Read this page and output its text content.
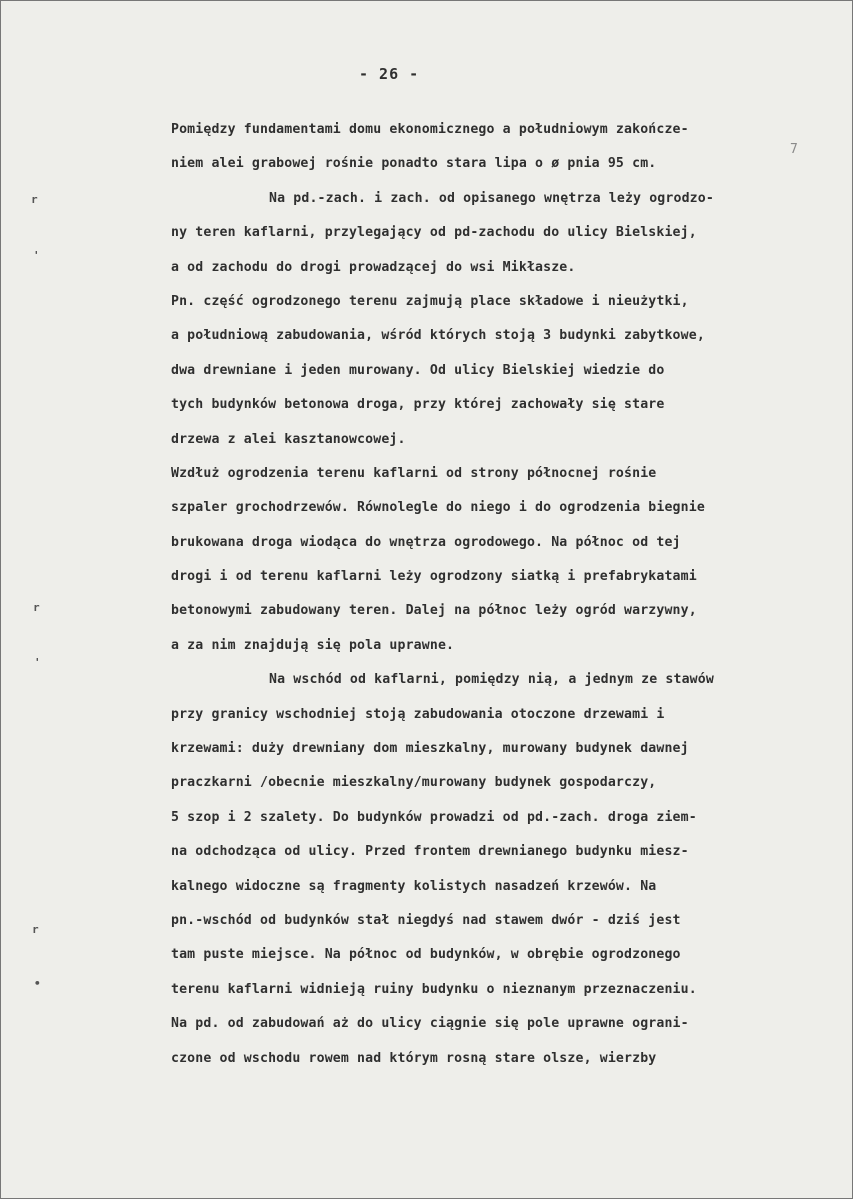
- 26 -
7
r
'
r
'
r
•
Pomiędzy fundamentami domu ekonomicznego a południowym zakończe-
niem alei grabowej rośnie ponadto stara lipa o ø pnia 95 cm.
Na pd.-zach. i zach. od opisanego wnętrza leży ogrodzo-
ny teren kaflarni, przylegający od pd-zachodu do ulicy Bielskiej,
a od zachodu do drogi prowadzącej do wsi Mikłasze.
Pn. część ogrodzonego terenu zajmują place składowe i nieużytki,
a południową zabudowania, wśród których stoją 3 budynki zabytkowe,
dwa drewniane i jeden murowany. Od ulicy Bielskiej wiedzie do
tych budynków betonowa droga, przy której zachowały się stare
drzewa z alei kasztanowcowej.
Wzdłuż ogrodzenia terenu kaflarni od strony północnej rośnie
szpaler grochodrzewów. Równolegle do niego i do ogrodzenia biegnie
brukowana droga wiodąca do wnętrza ogrodowego. Na północ od tej
drogi i od terenu kaflarni leży ogrodzony siatką i prefabrykatami
betonowymi zabudowany teren. Dalej na północ leży ogród warzywny,
a za nim znajdują się pola uprawne.
Na wschód od kaflarni, pomiędzy nią, a jednym ze stawów
przy granicy wschodniej stoją zabudowania otoczone drzewami i
krzewami: duży drewniany dom mieszkalny, murowany budynek dawnej
praczkarni /obecnie mieszkalny/murowany budynek gospodarczy,
5 szop i 2 szalety. Do budynków prowadzi od pd.-zach. droga ziem-
na odchodząca od ulicy. Przed frontem drewnianego budynku miesz-
kalnego widoczne są fragmenty kolistych nasadzeń krzewów. Na
pn.-wschód od budynków stał niegdyś nad stawem dwór - dziś jest
tam puste miejsce. Na północ od budynków, w obrębie ogrodzonego
terenu kaflarni widnieją ruiny budynku o nieznanym przeznaczeniu.
Na pd. od zabudowań aż do ulicy ciągnie się pole uprawne ograni-
czone od wschodu rowem nad którym rosną stare olsze, wierzby
